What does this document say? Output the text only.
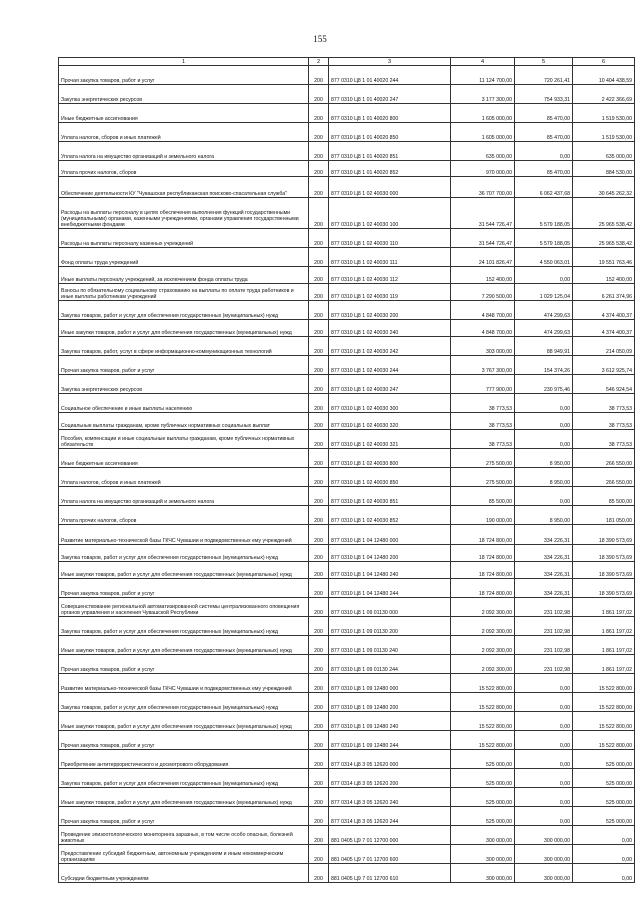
155
1	2	3	4	5	6
Прочая закупка товаров, работ и услуг	200	877 0310 Ц8 1 01 40020 244	11 124 700,00	720 261,41	10 404 438,59
Закупка энергетических ресурсов	200	877 0310 Ц8 1 01 40020 247	3 177 300,00	754 933,31	2 422 366,69
Иные бюджетные ассигнования	200	877 0310 Ц8 1 01 40020 800	1 605 000,00	85 470,00	1 519 530,00
Уплата налогов, сборов и иных платежей	200	877 0310 Ц8 1 01 40020 850	1 605 000,00	85 470,00	1 519 530,00
Уплата налога на имущество организаций и земельного налога	200	877 0310 Ц8 1 01 40020 851	635 000,00	0,00	635 000,00
Уплата прочих налогов, сборов	200	877 0310 Ц8 1 01 40020 852	970 000,00	85 470,00	884 530,00
Обеспечение деятельности КУ "Чувашская республиканская поисково-спасательная служба"	200	877 0310 Ц8 1 02 40030 000	36 707 700,00	6 062 437,68	30 645 262,32
Расходы на выплаты персоналу в целях обеспечения выполнения функций государственными (муниципальными) органами, казенными учреждениями, органами управления государственными внебюджетными фондами	200	877 0310 Ц8 1 02 40030 100	31 544 726,47	5 579 188,05	25 965 538,42
Расходы на выплаты персоналу казенных учреждений	200	877 0310 Ц8 1 02 40030 110	31 544 726,47	5 579 188,05	25 965 538,42
Фонд оплаты труда учреждений	200	877 0310 Ц8 1 02 40030 111	24 101 826,47	4 550 063,01	19 551 763,46
Иные выплаты персоналу учреждений, за исключением фонда оплаты труда	200	877 0310 Ц8 1 02 40030 112	152 400,00	0,00	152 400,00
Взносы по обязательному социальному страхованию на выплаты по оплате труда работников и иные выплаты работникам учреждений	200	877 0310 Ц8 1 02 40030 119	7 290 500,00	1 029 125,04	6 261 374,96
Закупка товаров, работ и услуг для обеспечения государственных (муниципальных) нужд	200	877 0310 Ц8 1 02 40030 200	4 848 700,00	474 299,63	4 374 400,37
Иные закупки товаров, работ и услуг для обеспечения государственных (муниципальных) нужд	200	877 0310 Ц8 1 02 40030 240	4 848 700,00	474 299,63	4 374 400,37
Закупка товаров, работ, услуг в сфере информационно-коммуникационных технологий	200	877 0310 Ц8 1 02 40030 242	303 000,00	88 949,91	214 050,09
Прочая закупка товаров, работ и услуг	200	877 0310 Ц8 1 02 40030 244	3 767 300,00	154 374,26	3 612 925,74
Закупка энергетических ресурсов	200	877 0310 Ц8 1 02 40030 247	777 900,00	230 975,46	546 924,54
Социальное обеспечение и иные выплаты населению	200	877 0310 Ц8 1 02 40030 300	38 773,53	0,00	38 773,53
Социальные выплаты гражданам, кроме публичных нормативных социальных выплат	200	877 0310 Ц8 1 02 40030 320	38 773,53	0,00	38 773,53
Пособия, компенсации и иные социальные выплаты гражданам, кроме публичных нормативных обязательств	200	877 0310 Ц8 1 02 40030 321	38 773,53	0,00	38 773,53
Иные бюджетные ассигнования	200	877 0310 Ц8 1 02 40030 800	275 500,00	8 950,00	266 550,00
Уплата налогов, сборов и иных платежей	200	877 0310 Ц8 1 02 40030 850	275 500,00	8 950,00	266 550,00
Уплата налога на имущество организаций и земельного налога	200	877 0310 Ц8 1 02 40030 851	85 500,00	0,00	85 500,00
Уплата прочих налогов, сборов	200	877 0310 Ц8 1 02 40030 852	190 000,00	8 950,00	181 050,00
Развитие материально-технической базы ГКЧС Чувашии и подведомственных ему учреждений	200	877 0310 Ц8 1 04 12480 000	18 724 800,00	334 226,31	18 390 573,69
Закупка товаров, работ и услуг для обеспечения государственных (муниципальных) нужд	200	877 0310 Ц8 1 04 12480 200	18 724 800,00	334 226,31	18 390 573,69
Иные закупки товаров, работ и услуг для обеспечения государственных (муниципальных) нужд	200	877 0310 Ц8 1 04 12480 240	18 724 800,00	334 226,31	18 390 573,69
Прочая закупка товаров, работ и услуг	200	877 0310 Ц8 1 04 12480 244	18 724 800,00	334 226,31	18 390 573,69
Совершенствование региональной автоматизированной системы централизованного оповещения органов управления и населения Чувашской Республики	200	877 0310 Ц8 1 09 01130 000	2 092 300,00	231 102,98	1 861 197,02
Закупка товаров, работ и услуг для обеспечения государственных (муниципальных) нужд	200	877 0310 Ц8 1 09 01130 200	2 092 300,00	231 102,98	1 861 197,02
Иные закупки товаров, работ и услуг для обеспечения государственных (муниципальных) нужд	200	877 0310 Ц8 1 09 01130 240	2 092 300,00	231 102,98	1 861 197,02
Прочая закупка товаров, работ и услуг	200	877 0310 Ц8 1 09 01130 244	2 092 300,00	231 102,98	1 861 197,02
Развитие материально-технической базы ГКЧС Чувашии и подведомственных ему учреждений	200	877 0310 Ц8 1 09 12480 000	15 522 800,00	0,00	15 522 800,00
Закупка товаров, работ и услуг для обеспечения государственных (муниципальных) нужд	200	877 0310 Ц8 1 09 12480 200	15 522 800,00	0,00	15 522 800,00
Иные закупки товаров, работ и услуг для обеспечения государственных (муниципальных) нужд	200	877 0310 Ц8 1 09 12480 240	15 522 800,00	0,00	15 522 800,00
Прочая закупка товаров, работ и услуг	200	877 0310 Ц8 1 09 12480 244	15 522 800,00	0,00	15 522 800,00
Приобретение антитеррористического и досмотрового оборудования	200	877 0314 Ц8 3 05 12620 000	525 000,00	0,00	525 000,00
Закупка товаров, работ и услуг для обеспечения государственных (муниципальных) нужд	200	877 0314 Ц8 3 05 12620 200	525 000,00	0,00	525 000,00
Иные закупки товаров, работ и услуг для обеспечения государственных (муниципальных) нужд	200	877 0314 Ц8 3 05 12620 240	525 000,00	0,00	525 000,00
Прочая закупка товаров, работ и услуг	200	877 0314 Ц8 3 05 12620 244	525 000,00	0,00	525 000,00
Проведение эпизоотологического мониторинга заразных, в том числе особо опасных, болезней животных	200	881 0405 Ц9 7 01 12700 000	300 000,00	300 000,00	0,00
Предоставление субсидий бюджетным, автономным учреждениям и иным некоммерческим организациям	200	881 0405 Ц9 7 01 12700 600	300 000,00	300 000,00	0,00
Субсидии бюджетным учреждениям	200	881 0405 Ц9 7 01 12700 610	300 000,00	300 000,00	0,00
